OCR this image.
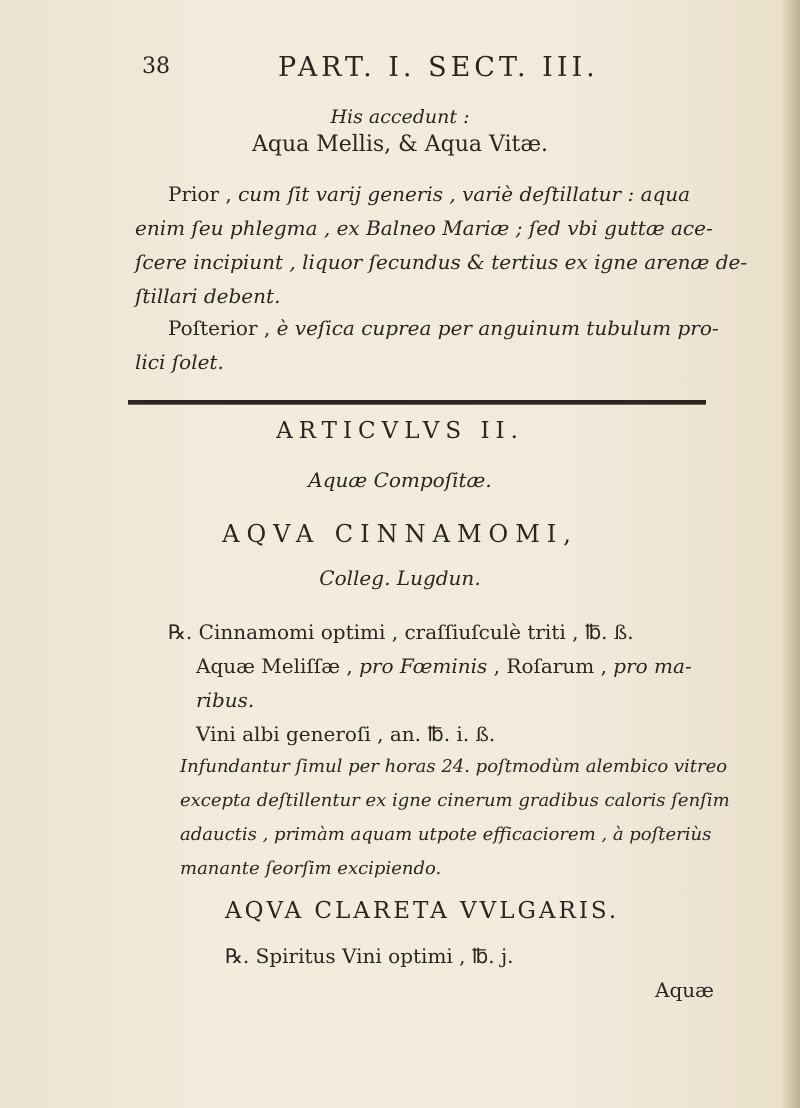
38	PART. I. SECT. III.
His accedunt :
Aqua Mellis, & Aqua Vitæ.
Prior , cum ſit varij generis , variè deſtillatur : aqua
enim ſeu phlegma , ex Balneo Mariæ ; ſed vbi guttæ ace-
ſcere incipiunt , liquor ſecundus & tertius ex igne arenæ de-
ſtillari debent.
Poſterior , è veſica cuprea per anguinum tubulum pro-
lici ſolet.
ARTICVLVS II.
Aquæ Compoſitæ.
AQVA CINNAMOMI,
Colleg. Lugdun.
℞. Cinnamomi optimi , craſſiuſculè triti , ℔. ß.
Aquæ Meliſſæ , pro Fœminis , Roſarum , pro ma-
ribus.
Vini albi generoſi , an. ℔. i. ß.
Infundantur ſimul per horas 24. poſtmodùm alembico vitreo
excepta deſtillentur ex igne cinerum gradibus caloris ſenſim
adauctis , primàm aquam utpote efficaciorem , à poſteriùs
manante ſeorſim excipiendo.
AQVA CLARETA VVLGARIS.
℞. Spiritus Vini optimi , ℔. j.
Aquæ
